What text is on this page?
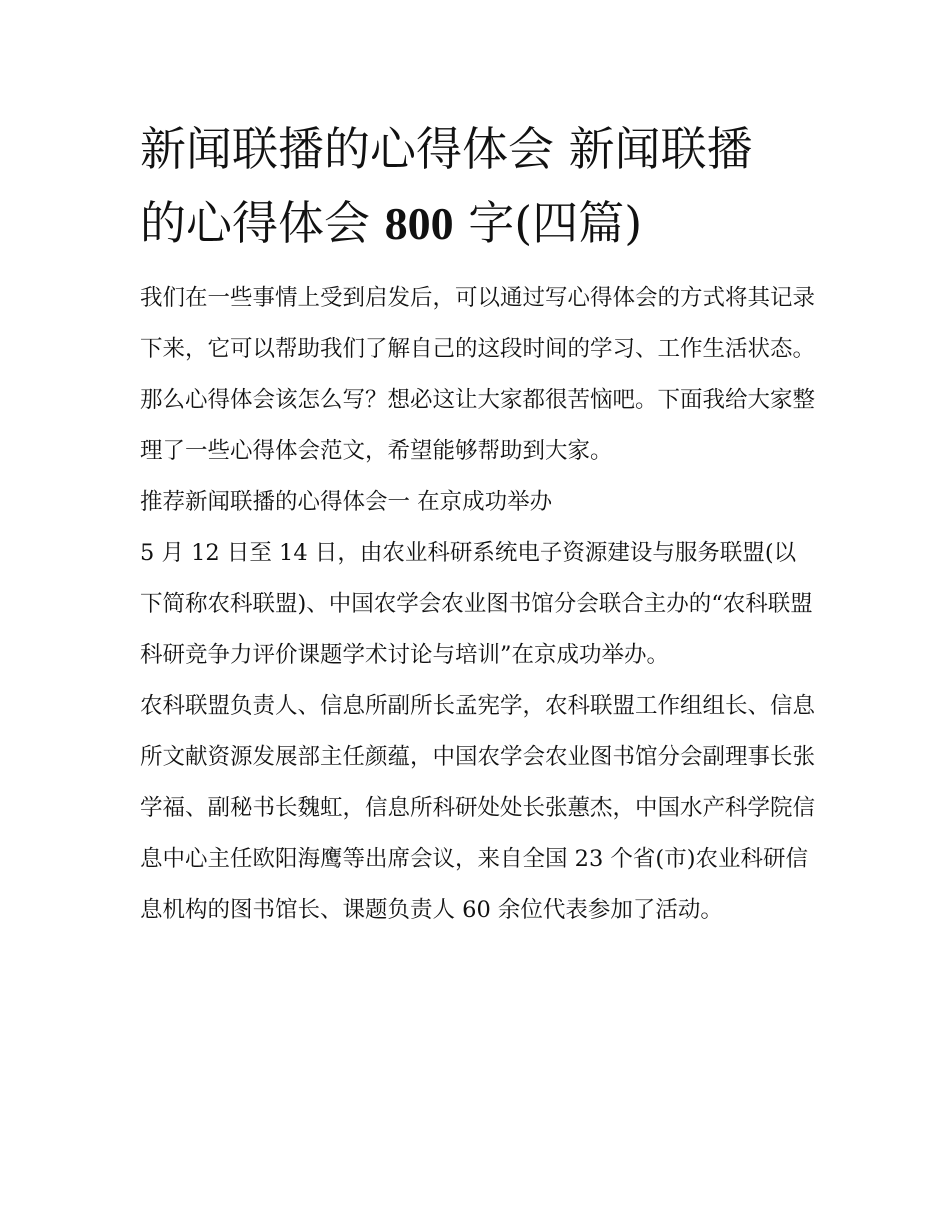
新闻联播的心得体会 新闻联播
的心得体会 800 字(四篇)

我们在一些事情上受到启发后，可以通过写心得体会的方式将其记录下来，它可以帮助我们了解自己的这段时间的学习、工作生活状态。那么心得体会该怎么写？想必这让大家都很苦恼吧。下面我给大家整理了一些心得体会范文，希望能够帮助到大家。

推荐新闻联播的心得体会一 在京成功举办

5 月 12 日至 14 日，由农业科研系统电子资源建设与服务联盟(以下简称农科联盟)、中国农学会农业图书馆分会联合主办的“农科联盟科研竞争力评价课题学术讨论与培训”在京成功举办。

农科联盟负责人、信息所副所长孟宪学，农科联盟工作组组长、信息所文献资源发展部主任颜蕴，中国农学会农业图书馆分会副理事长张学福、副秘书长魏虹，信息所科研处处长张蕙杰，中国水产科学院信息中心主任欧阳海鹰等出席会议，来自全国 23 个省(市)农业科研信息机构的图书馆长、课题负责人 60 余位代表参加了活动。
